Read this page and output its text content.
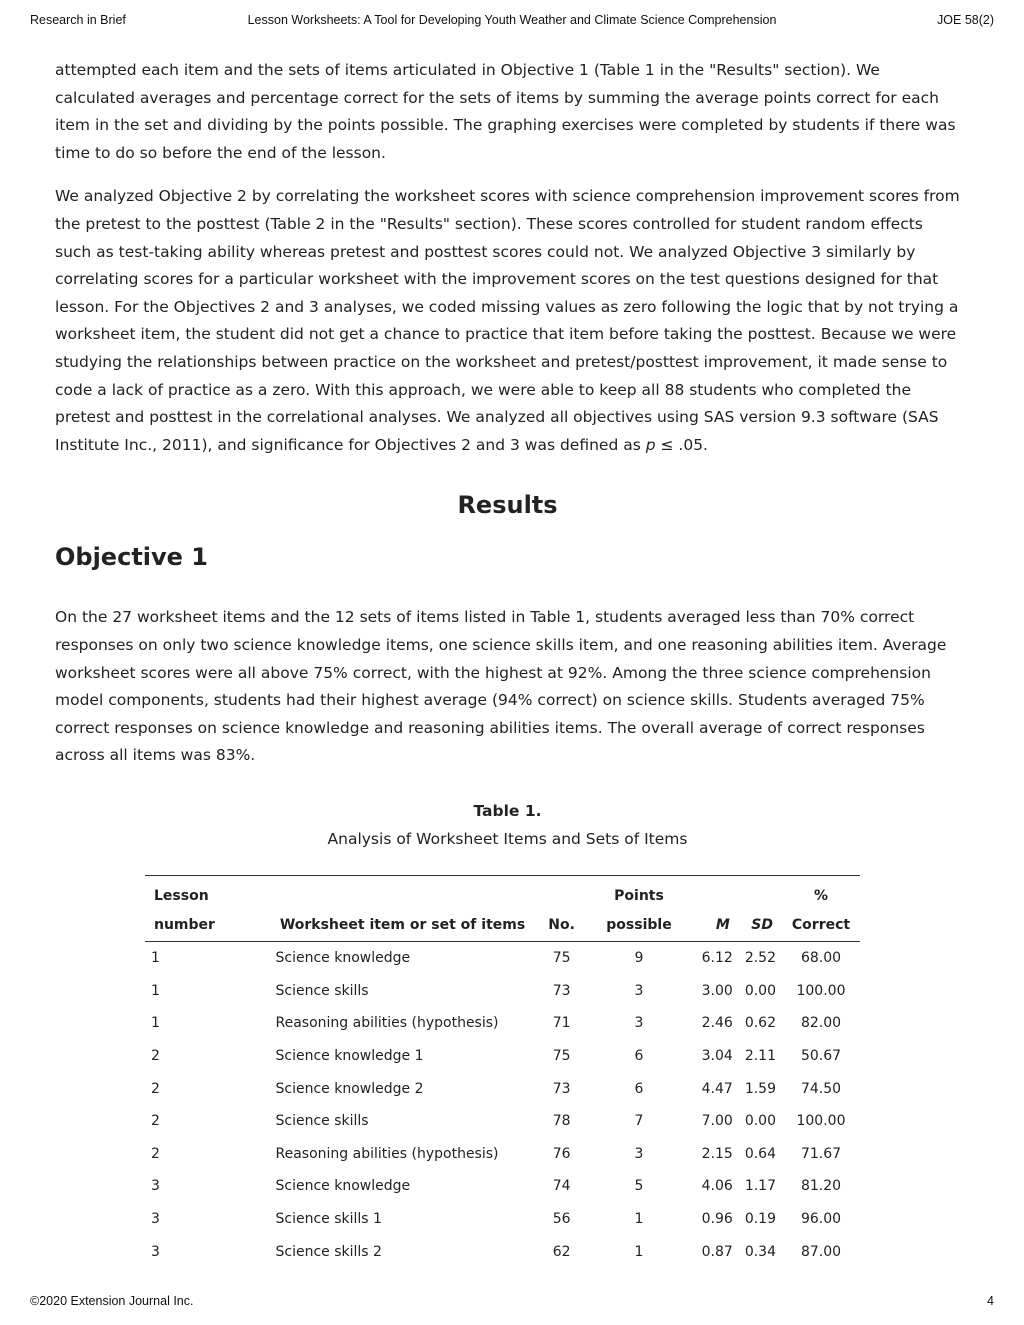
Research in Brief	Lesson Worksheets: A Tool for Developing Youth Weather and Climate Science Comprehension	JOE 58(2)

attempted each item and the sets of items articulated in Objective 1 (Table 1 in the "Results" section). We calculated averages and percentage correct for the sets of items by summing the average points correct for each item in the set and dividing by the points possible. The graphing exercises were completed by students if there was time to do so before the end of the lesson.

We analyzed Objective 2 by correlating the worksheet scores with science comprehension improvement scores from the pretest to the posttest (Table 2 in the "Results" section). These scores controlled for student random effects such as test-taking ability whereas pretest and posttest scores could not. We analyzed Objective 3 similarly by correlating scores for a particular worksheet with the improvement scores on the test questions designed for that lesson. For the Objectives 2 and 3 analyses, we coded missing values as zero following the logic that by not trying a worksheet item, the student did not get a chance to practice that item before taking the posttest. Because we were studying the relationships between practice on the worksheet and pretest/posttest improvement, it made sense to code a lack of practice as a zero. With this approach, we were able to keep all 88 students who completed the pretest and posttest in the correlational analyses. We analyzed all objectives using SAS version 9.3 software (SAS Institute Inc., 2011), and significance for Objectives 2 and 3 was defined as p ≤ .05.

Results
Objective 1

On the 27 worksheet items and the 12 sets of items listed in Table 1, students averaged less than 70% correct responses on only two science knowledge items, one science skills item, and one reasoning abilities item. Average worksheet scores were all above 75% correct, with the highest at 92%. Among the three science comprehension model components, students had their highest average (94% correct) on science skills. Students averaged 75% correct responses on science knowledge and reasoning abilities items. The overall average of correct responses across all items was 83%.

Table 1.
Analysis of Worksheet Items and Sets of Items
Lesson			Points			%
number	Worksheet item or set of items	No.	possible	M	SD	Correct
1	Science knowledge	75	9	6.12	2.52	68.00
1	Science skills	73	3	3.00	0.00	100.00
1	Reasoning abilities (hypothesis)	71	3	2.46	0.62	82.00
2	Science knowledge 1	75	6	3.04	2.11	50.67
2	Science knowledge 2	73	6	4.47	1.59	74.50
2	Science skills	78	7	7.00	0.00	100.00
2	Reasoning abilities (hypothesis)	76	3	2.15	0.64	71.67
3	Science knowledge	74	5	4.06	1.17	81.20
3	Science skills 1	56	1	0.96	0.19	96.00
3	Science skills 2	62	1	0.87	0.34	87.00
©2020 Extension Journal Inc.	4
